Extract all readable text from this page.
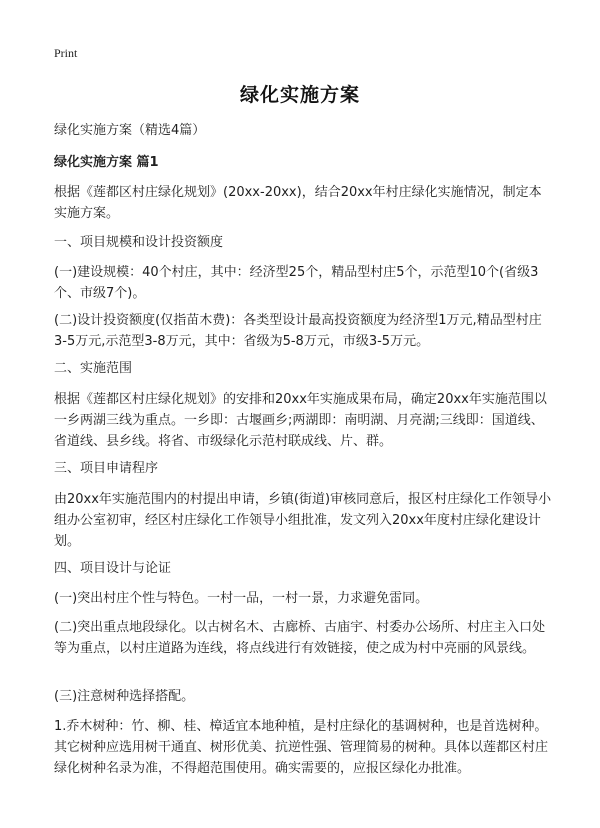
Print
绿化实施方案

绿化实施方案（精选4篇）

绿化实施方案 篇1

根据《莲都区村庄绿化规划》(20xx-20xx)，结合20xx年村庄绿化实施情况，制定本实施方案。

一、项目规模和设计投资额度

(一)建设规模：40个村庄，其中：经济型25个，精品型村庄5个，示范型10个(省级3个、市级7个)。

(二)设计投资额度(仅指苗木费)：各类型设计最高投资额度为经济型1万元,精品型村庄3-5万元,示范型3-8万元，其中：省级为5-8万元，市级3-5万元。

二、实施范围

根据《莲都区村庄绿化规划》的安排和20xx年实施成果布局，确定20xx年实施范围以一乡两湖三线为重点。一乡即：古堰画乡;两湖即：南明湖、月亮湖;三线即：国道线、省道线、县乡线。将省、市级绿化示范村联成线、片、群。

三、项目申请程序

由20xx年实施范围内的村提出申请，乡镇(街道)审核同意后，报区村庄绿化工作领导小组办公室初审，经区村庄绿化工作领导小组批准，发文列入20xx年度村庄绿化建设计划。

四、项目设计与论证

(一)突出村庄个性与特色。一村一品，一村一景，力求避免雷同。

(二)突出重点地段绿化。以古树名木、古廊桥、古庙宇、村委办公场所、村庄主入口处等为重点，以村庄道路为连线，将点线进行有效链接，使之成为村中亮丽的风景线。

(三)注意树种选择搭配。

1.乔木树种：竹、柳、桂、樟适宜本地种植，是村庄绿化的基调树种，也是首选树种。其它树种应选用树干通直、树形优美、抗逆性强、管理简易的树种。具体以莲都区村庄绿化树种名录为准，不得超范围使用。确实需要的，应报区绿化办批准。
